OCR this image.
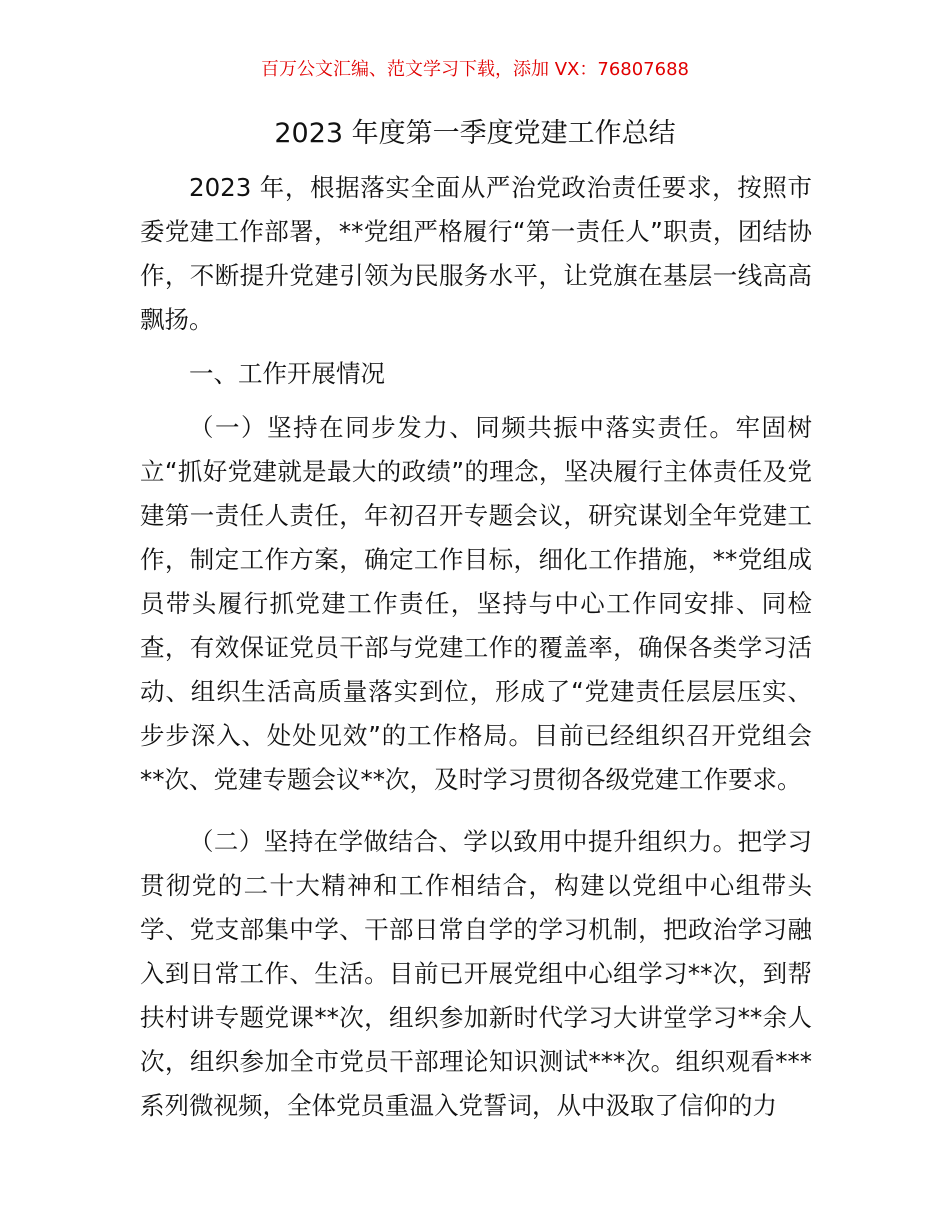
百万公文汇编、范文学习下载，添加 VX：76807688
2023 年度第一季度党建工作总结

2023 年，根据落实全面从严治党政治责任要求，按照市委党建工作部署，**党组严格履行“第一责任人”职责，团结协作，不断提升党建引领为民服务水平，让党旗在基层一线高高飘扬。

一、工作开展情况

（一）坚持在同步发力、同频共振中落实责任。牢固树立“抓好党建就是最大的政绩”的理念，坚决履行主体责任及党建第一责任人责任，年初召开专题会议，研究谋划全年党建工作，制定工作方案，确定工作目标，细化工作措施，**党组成员带头履行抓党建工作责任，坚持与中心工作同安排、同检查，有效保证党员干部与党建工作的覆盖率，确保各类学习活动、组织生活高质量落实到位，形成了“党建责任层层压实、步步深入、处处见效”的工作格局。目前已经组织召开党组会**次、党建专题会议**次，及时学习贯彻各级党建工作要求。

（二）坚持在学做结合、学以致用中提升组织力。把学习贯彻党的二十大精神和工作相结合，构建以党组中心组带头学、党支部集中学、干部日常自学的学习机制，把政治学习融入到日常工作、生活。目前已开展党组中心组学习**次，到帮扶村讲专题党课**次，组织参加新时代学习大讲堂学习**余人次，组织参加全市党员干部理论知识测试***次。组织观看***系列微视频，全体党员重温入党誓词，从中汲取了信仰的力
